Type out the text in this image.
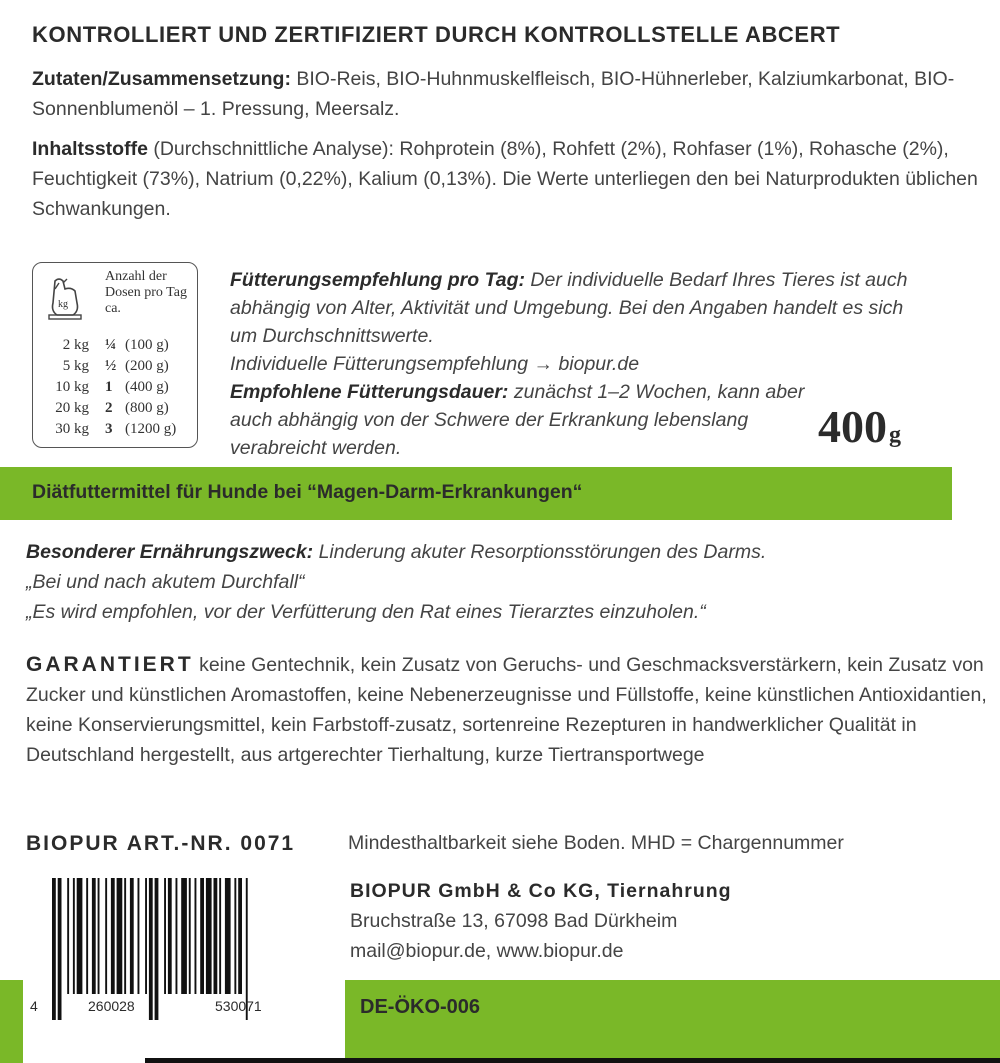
KONTROLLIERT UND ZERTIFIZIERT DURCH KONTROLLSTELLE ABCERT
Zutaten/Zusammensetzung: BIO-Reis, BIO-Huhnmuskelfleisch, BIO-Hühnerleber, Kalziumkarbonat, BIO-Sonnenblumenöl – 1. Pressung, Meersalz.
Inhaltsstoffe (Durchschnittliche Analyse): Rohprotein (8%), Rohfett (2%), Rohfaser (1%), Rohasche (2%), Feuchtigkeit (73%), Natrium (0,22%), Kalium (0,13%). Die Werte unterliegen den bei Naturprodukten üblichen Schwankungen.
kg
Anzahl der Dosen pro Tag ca.
2 kg	¼ (100 g)
5 kg	½ (200 g)
10 kg	1 (400 g)
20 kg	2 (800 g)
30 kg	3 (1200 g)
Fütterungsempfehlung pro Tag: Der individuelle Bedarf Ihres Tieres ist auch abhängig von Alter, Aktivität und Umgebung. Bei den Angaben handelt es sich um Durchschnittswerte.
Individuelle Fütterungsempfehlung → biopur.de
Empfohlene Fütterungsdauer: zunächst 1–2 Wochen, kann aber auch abhängig von der Schwere der Erkrankung lebenslang verabreicht werden.	400g
Diätfuttermittel für Hunde bei “Magen-Darm-Erkrankungen“
Besonderer Ernährungszweck: Linderung akuter Resorptionsstörungen des Darms.
„Bei und nach akutem Durchfall“
„Es wird empfohlen, vor der Verfütterung den Rat eines Tierarztes einzuholen.“
GARANTIERT keine Gentechnik, kein Zusatz von Geruchs- und Geschmacksverstärkern, kein Zusatz von Zucker und künstlichen Aromastoffen, keine Nebenerzeugnisse und Füllstoffe, keine künstlichen Antioxidantien, keine Konservierungsmittel, kein Farbstoff-zusatz, sortenreine Rezepturen in handwerklicher Qualität in Deutschland hergestellt, aus artgerechter Tierhaltung, kurze Tiertransportwege
BIOPUR ART.-NR. 0071	Mindesthaltbarkeit siehe Boden. MHD = Chargennummer
BIOPUR GmbH & Co KG, Tiernahrung
Bruchstraße 13, 67098 Bad Dürkheim
mail@biopur.de, www.biopur.de
4	260028	530071	DE-ÖKO-006
